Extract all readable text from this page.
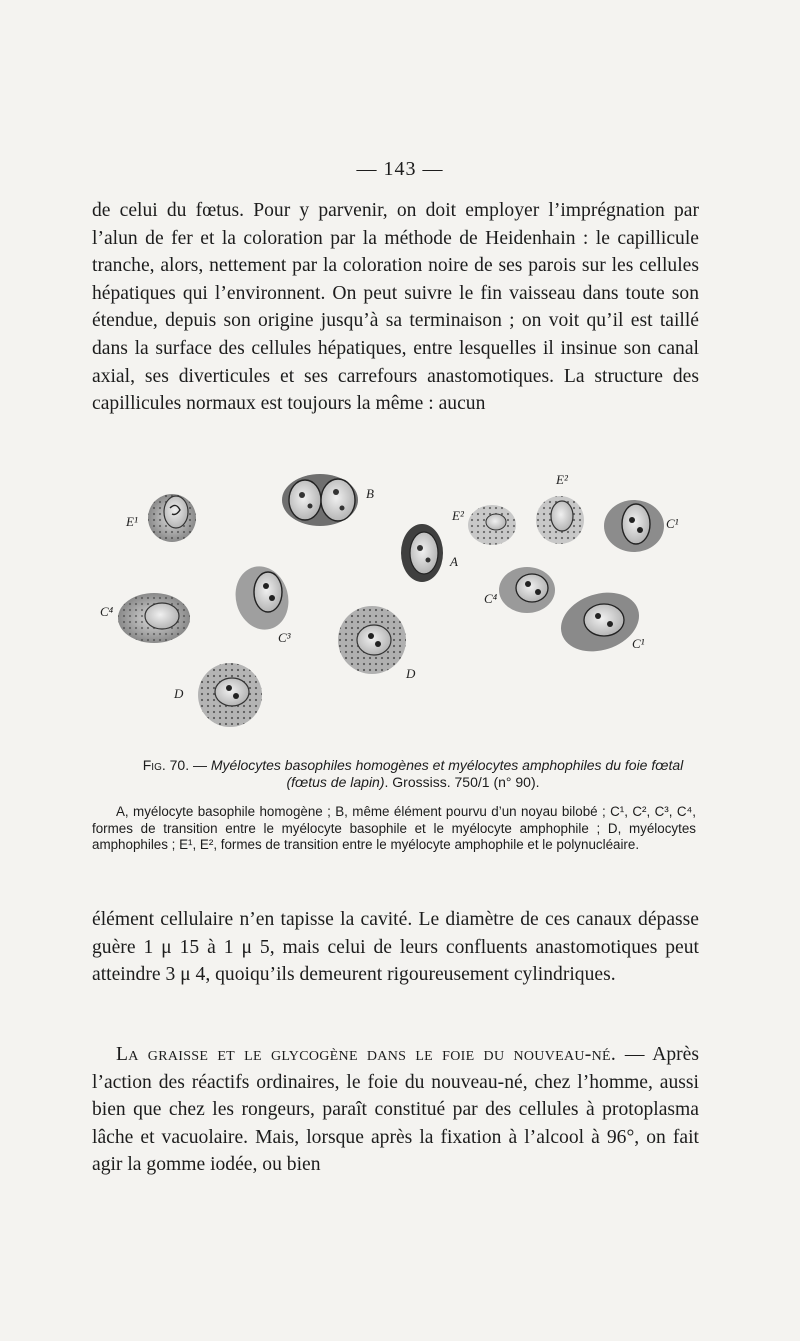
— 143 —

de celui du fœtus. Pour y parvenir, on doit employer l’imprégnation par l’alun de fer et la coloration par la méthode de Heidenhain : le capillicule tranche, alors, nettement par la coloration noire de ses parois sur les cellules hépatiques qui l’environnent. On peut suivre le fin vaisseau dans toute son étendue, depuis son origine jusqu’à sa terminaison ; on voit qu’il est taillé dans la surface des cellules hépatiques, entre lesquelles il insinue son canal axial, ses diverticules et ses carrefours anastomotiques. La structure des capillicules normaux est toujours la même : aucun

E¹
B
A
E²
E²
C¹
C⁴
C³
C⁴
D
C¹
D
Fig. 70. — Myélocytes basophiles homogènes et myélocytes amphophiles du foie fœtal (fœtus de lapin). Grossiss. 750/1 (n° 90).

A, myélocyte basophile homogène ; B, même élément pourvu d’un noyau bilobé ; C¹, C², C³, C⁴, formes de transition entre le myélocyte basophile et le myélocyte amphophile ; D, myélocytes amphophiles ; E¹, E², formes de transition entre le myélocyte amphophile et le polynucléaire.

élément cellulaire n’en tapisse la cavité. Le diamètre de ces canaux dépasse guère 1 μ 15 à 1 μ 5, mais celui de leurs confluents anastomotiques peut atteindre 3 μ 4, quoiqu’ils demeurent rigoureusement cylindriques.

La graisse et le glycogène dans le foie du nouveau-né. — Après l’action des réactifs ordinaires, le foie du nouveau-né, chez l’homme, aussi bien que chez les rongeurs, paraît constitué par des cellules à protoplasma lâche et vacuolaire. Mais, lorsque après la fixation à l’alcool à 96°, on fait agir la gomme iodée, ou bien
